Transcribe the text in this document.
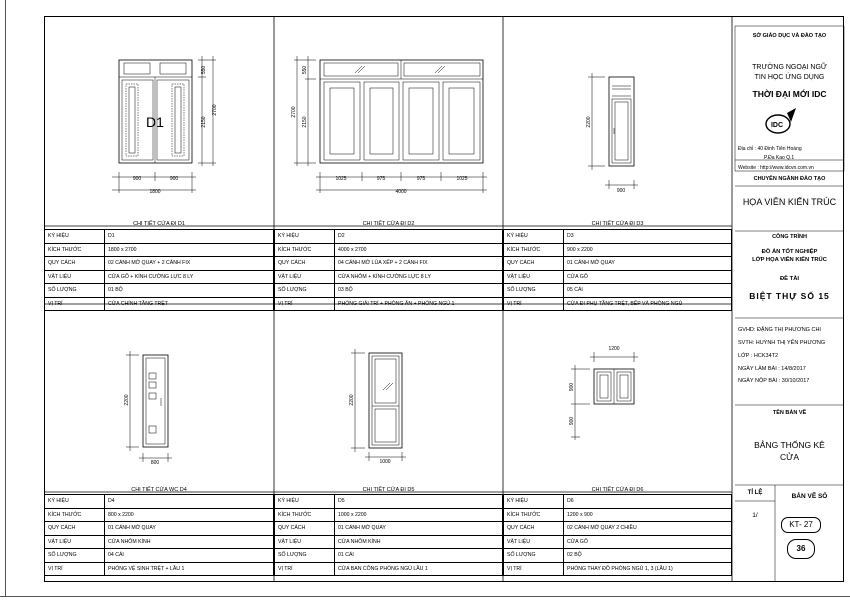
D1
900	900
1800
550
2150
2700
1025	975	975	1025
4000
550
2150
2700
2200
900
2200
800
2200
1000
1200
900
900
IDC
CHI TIẾT CỬA ĐI D1	CHI TIẾT CỬA ĐI D2	CHI TIẾT CỬA ĐI D3
CHI TIẾT CỬA WC D4	CHI TIẾT CỬA ĐI D5	CHI TIẾT CỬA ĐI D6
KÝ HIỆU	D1
KÍCH THƯỚC	1800 x 2700
QUY CÁCH	02 CÁNH MỞ QUAY + 2 CÁNH FIX
VẬT LIỆU	CỬA GỖ + KÍNH CƯỜNG LỰC 8 LY
SỐ LƯỢNG	01 BỘ
VỊ TRÍ	CỬA CHÍNH TẦNG TRỆT
KÝ HIỆU	D2
KÍCH THƯỚC	4000 x 2700
QUY CÁCH	04 CÁNH MỞ LÙA XẾP + 2 CÁNH FIX
VẬT LIỆU	CỬA NHÔM + KÍNH CƯỜNG LỰC 8 LY
SỐ LƯỢNG	03 BỘ
VỊ TRÍ	PHÒNG GIẢI TRÍ + PHÒNG ĂN + PHÒNG NGỦ 1
KÝ HIỆU	D3
KÍCH THƯỚC	900 x 2200
QUY CÁCH	01 CÁNH MỞ QUAY
VẬT LIỆU	CỬA GỖ
SỐ LƯỢNG	05 CÁI
VỊ TRÍ	CỬA ĐI PHỤ TẦNG TRỆT, BẾP VÀ PHÒNG NGỦ
KÝ HIỆU	D4
KÍCH THƯỚC	800 x 2200
QUY CÁCH	01 CÁNH MỞ QUAY
VẬT LIỆU	CỬA NHÔM KÍNH
SỐ LƯỢNG	04 CÁI
VỊ TRÍ	PHÒNG VỆ SINH TRỆT + LẦU 1
KÝ HIỆU	D5
KÍCH THƯỚC	1000 x 2200
QUY CÁCH	01 CÁNH MỞ QUAY
VẬT LIỆU	CỬA NHÔM KÍNH
SỐ LƯỢNG	01 CÁI
VỊ TRÍ	CỬA BAN CÔNG PHÒNG NGỦ LẦU 1
KÝ HIỆU	D6
KÍCH THƯỚC	1200 x 900
QUY CÁCH	02 CÁNH MỞ QUAY 2 CHIỀU
VẬT LIỆU	CỬA GỖ
SỐ LƯỢNG	02 BỘ
VỊ TRÍ	PHÒNG THAY ĐỒ PHÒNG NGỦ 1, 3 (LẦU 1)
SỞ GIÁO DỤC VÀ ĐÀO TẠO
TRƯỜNG NGOẠI NGỮ
TIN HỌC ỨNG DỤNG
THỜI ĐẠI MỚI IDC
Địa chỉ : 40 Đinh Tiên Hoàng
P.Đa Kao Q.1
Website : http://www.idcvn.com.vn
CHUYÊN NGÀNH ĐÀO TẠO
HỌA VIÊN KIẾN TRÚC
CÔNG TRÌNH
ĐỒ ÁN TỐT NGHIỆP
LỚP HỌA VIÊN KIẾN TRÚC
ĐỀ TÀI
BIỆT THỰ SỐ 15
GVHD: ĐẶNG THỊ PHƯƠNG CHI
SVTH: HUỲNH THỊ YẾN PHƯƠNG
LỚP : HCK34T2
NGÀY LÀM BÀI : 14/8/2017
NGÀY NỘP BÀI : 30/10/2017
TÊN BẢN VẼ
BẢNG THỐNG KÊ
CỬA
TỈ LỆ
1/
BẢN VẼ SỐ
KT- 27
36
